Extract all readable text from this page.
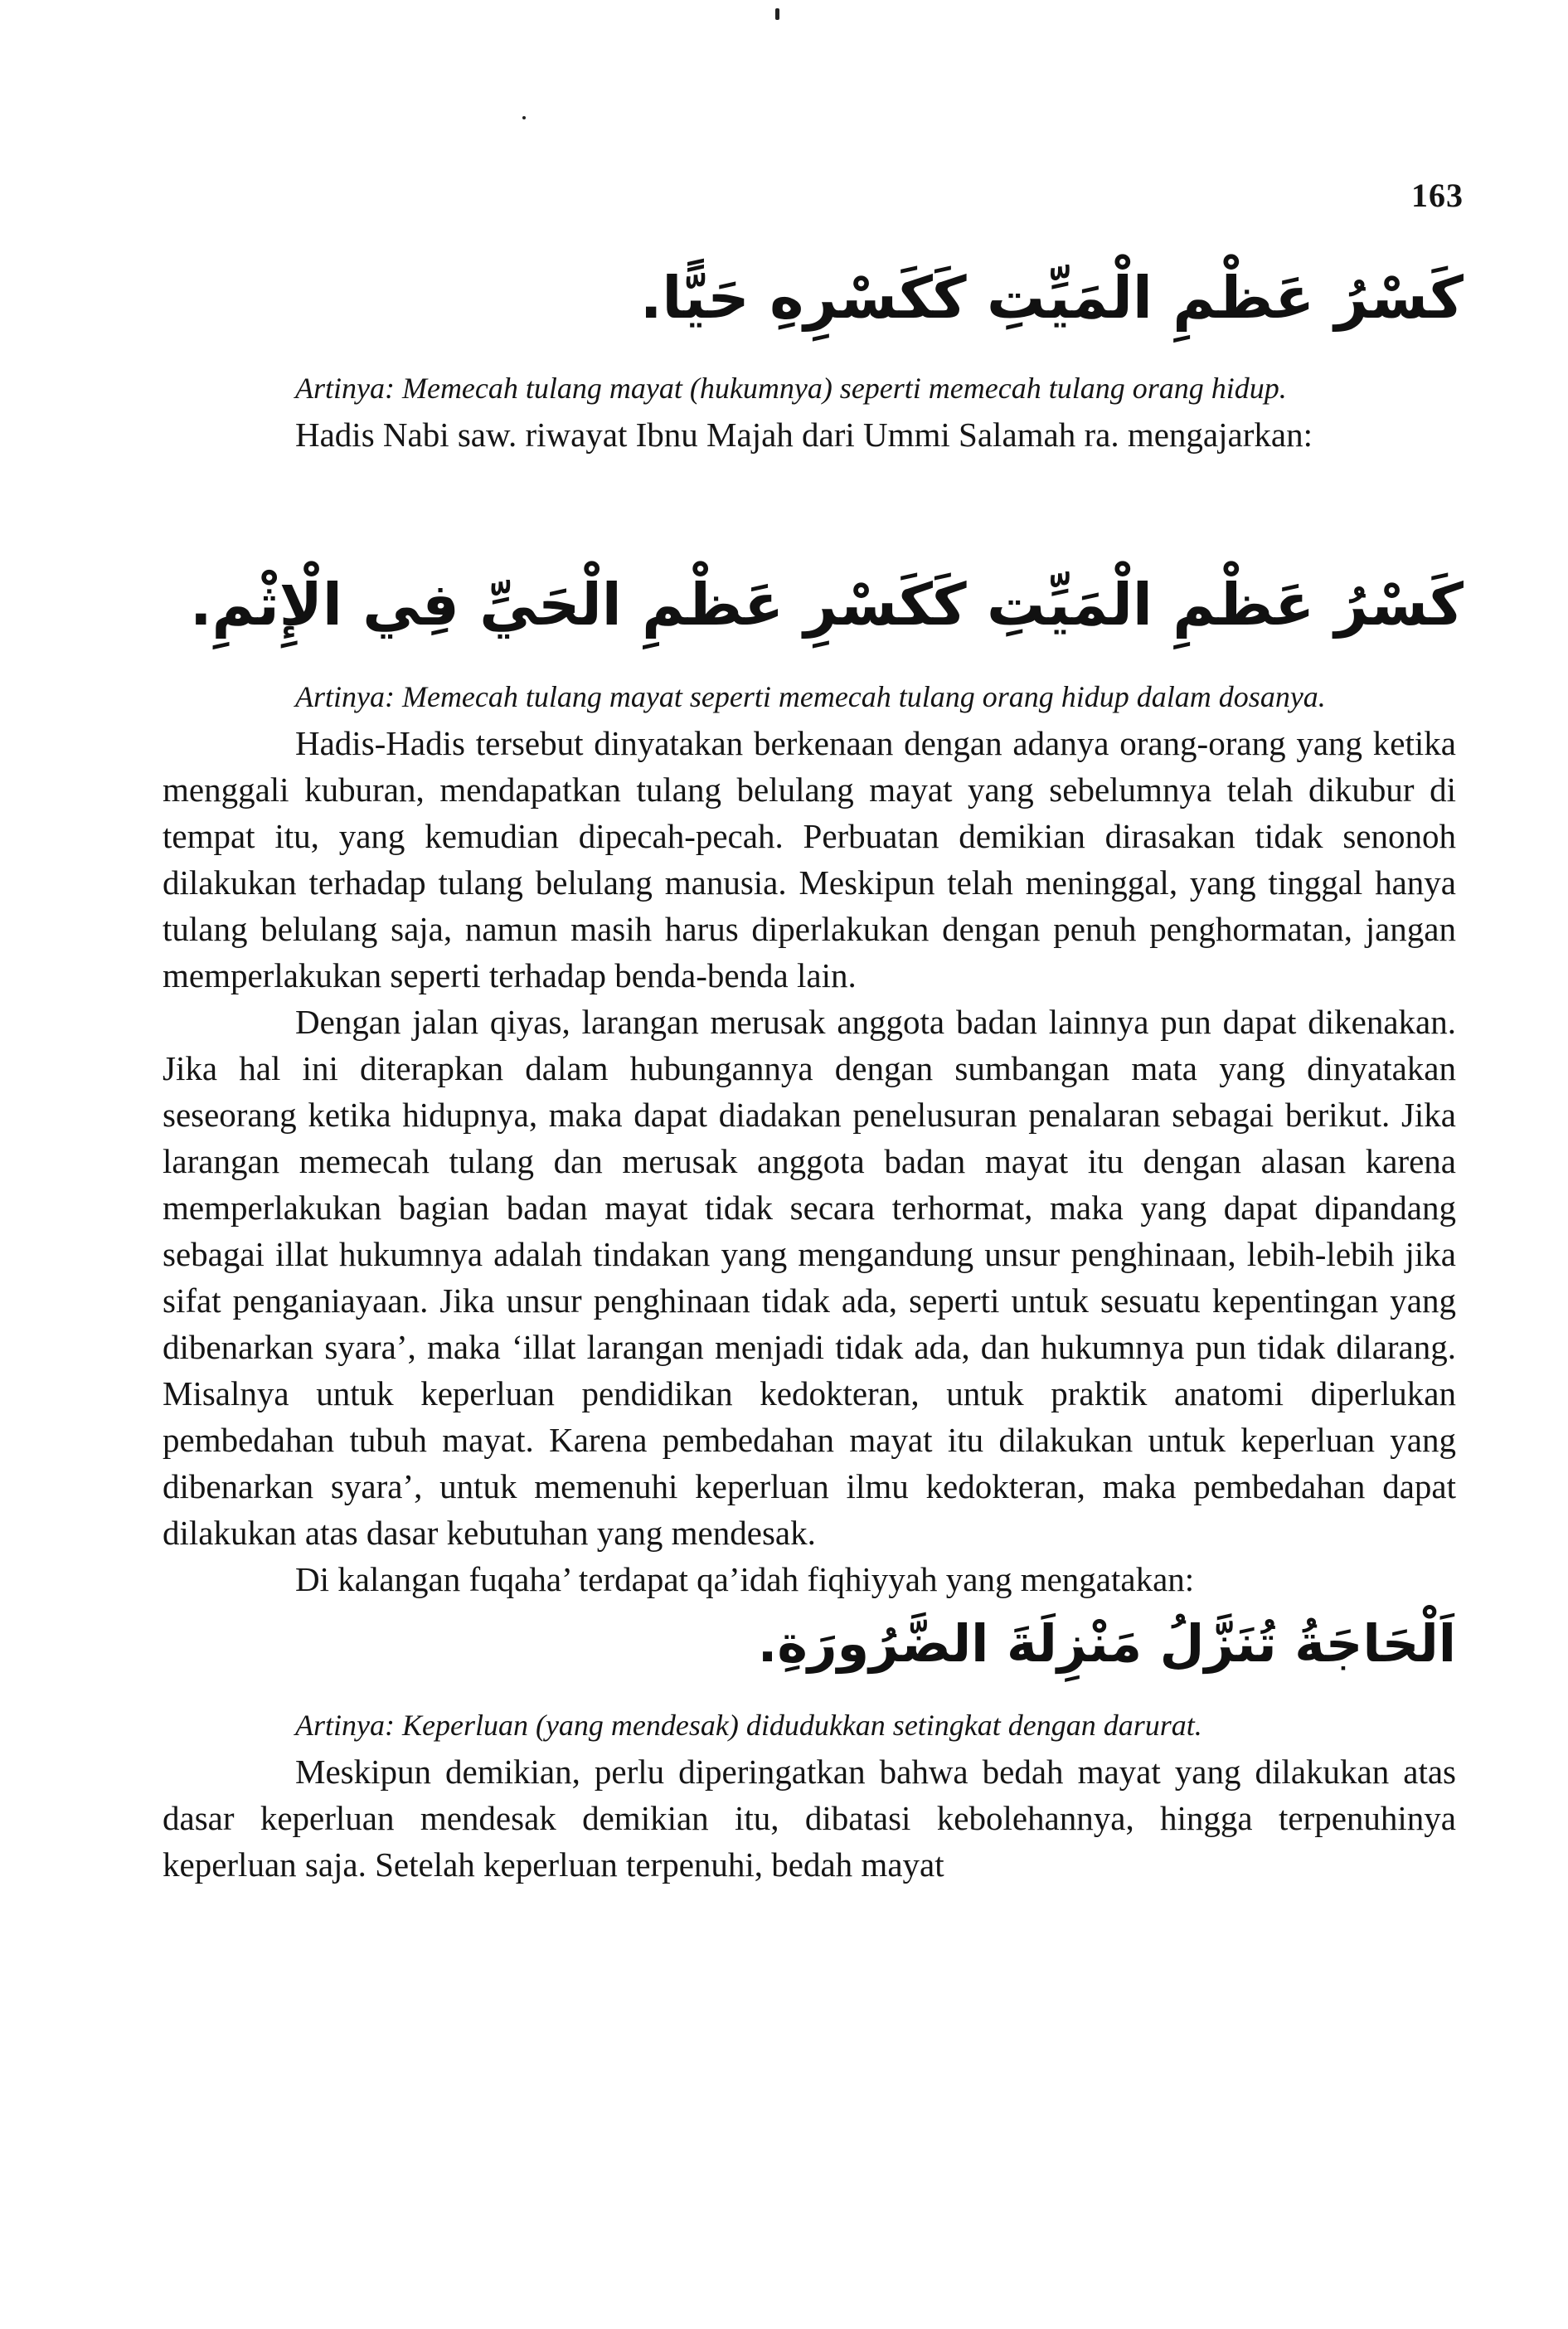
163
كَسْرُ عَظْمِ الْمَيِّتِ كَكَسْرِهِ حَيًّا.

Artinya: Memecah tulang mayat (hukumnya) seperti memecah tulang orang hidup.

Hadis Nabi saw. riwayat Ibnu Majah dari Ummi Salamah ra. mengajarkan:

كَسْرُ عَظْمِ الْمَيِّتِ كَكَسْرِ عَظْمِ الْحَيِّ فِي الْإِثْمِ.

Artinya: Memecah tulang mayat seperti memecah tulang orang hidup dalam dosanya.

Hadis-Hadis tersebut dinyatakan berkenaan dengan adanya orang-orang yang ketika menggali kuburan, mendapatkan tulang belulang mayat yang sebelumnya telah dikubur di tempat itu, yang kemudian dipecah-pecah. Perbuatan demikian dirasakan tidak senonoh dilakukan terhadap tulang belulang manusia. Meskipun telah meninggal, yang tinggal hanya tulang belulang saja, namun masih harus diperlakukan dengan penuh penghormatan, jangan memperlakukan seperti terhadap benda-benda lain.

Dengan jalan qiyas, larangan merusak anggota badan lainnya pun dapat dikenakan. Jika hal ini diterapkan dalam hubungannya dengan sumbangan mata yang dinyatakan seseorang ketika hidupnya, maka dapat diadakan penelusuran penalaran sebagai berikut. Jika larangan memecah tulang dan merusak anggota badan mayat itu dengan alasan karena memperlakukan bagian badan mayat tidak secara terhormat, maka yang dapat dipandang sebagai illat hukumnya adalah tindakan yang mengandung unsur penghinaan, lebih-lebih jika sifat penganiayaan. Jika unsur penghinaan tidak ada, seperti untuk sesuatu kepentingan yang dibenarkan syara’, maka ‘illat larangan menjadi tidak ada, dan hukumnya pun tidak dilarang. Misalnya untuk keperluan pendidikan kedokteran, untuk praktik anatomi diperlukan pembedahan tubuh mayat. Karena pembedahan mayat itu dilakukan untuk keperluan yang dibenarkan syara’, untuk memenuhi keperluan ilmu kedokteran, maka pembedahan dapat dilakukan atas dasar kebutuhan yang mendesak.

Di kalangan fuqaha’ terdapat qa’idah fiqhiyyah yang mengatakan:

اَلْحَاجَةُ تُنَزَّلُ مَنْزِلَةَ الضَّرُورَةِ.

Artinya: Keperluan (yang mendesak) didudukkan setingkat dengan darurat.

Meskipun demikian, perlu diperingatkan bahwa bedah mayat yang dilakukan atas dasar keperluan mendesak demikian itu, dibatasi kebolehannya, hingga terpenuhinya keperluan saja. Setelah keperluan terpenuhi, bedah mayat
